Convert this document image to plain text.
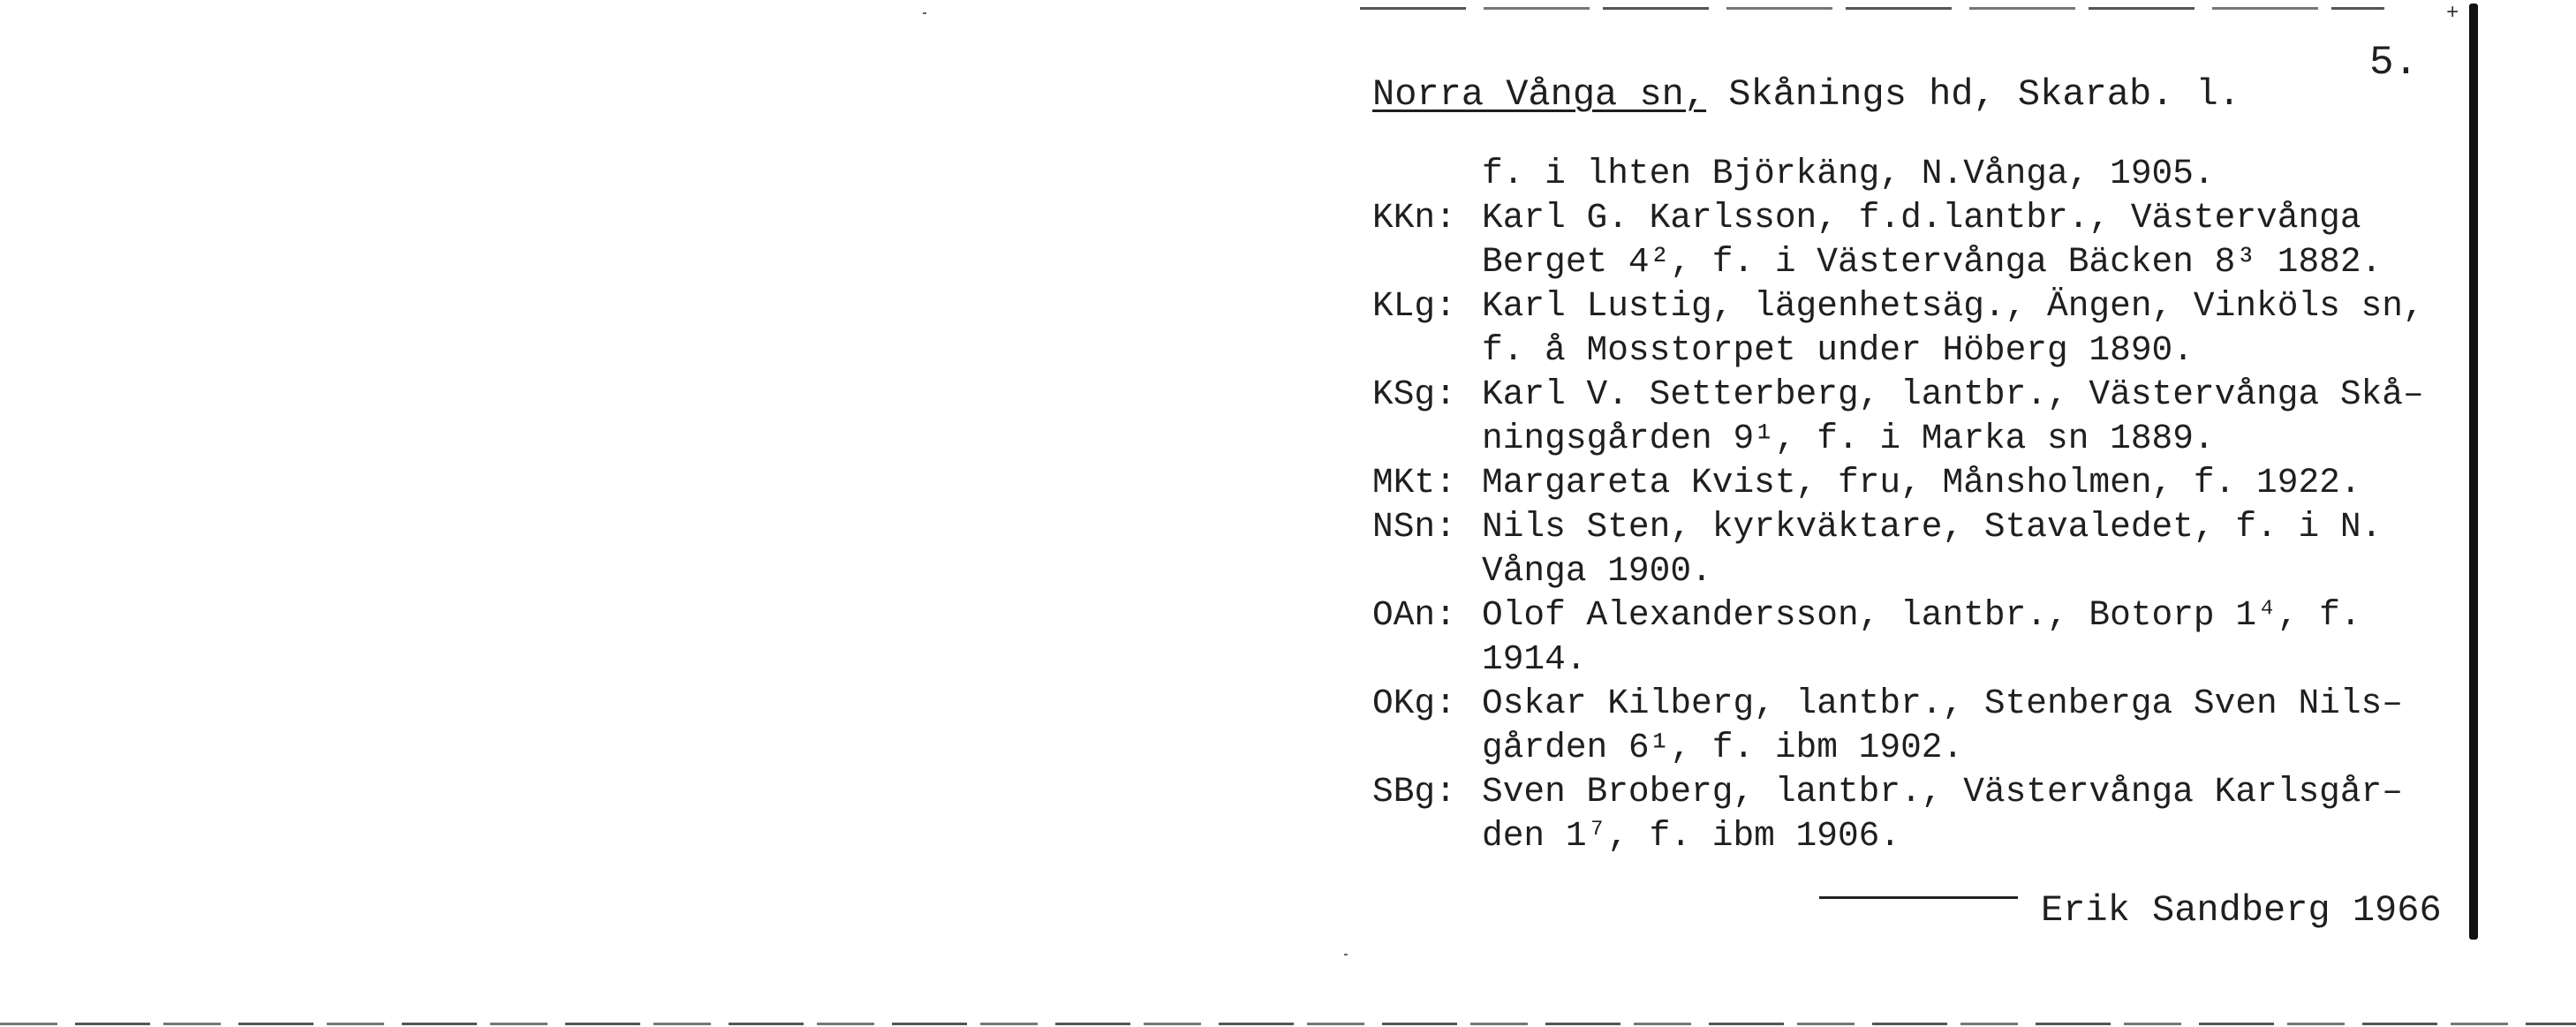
+
5.
Norra Vånga sn, Skånings hd, Skarab. l.
f. i lhten Björkäng, N.Vånga, 1905.
KKn: Karl G. Karlsson, f.d.lantbr., Västervånga
Berget 4², f. i Västervånga Bäcken 8³ 1882.
KLg: Karl Lustig, lägenhetsäg., Ängen, Vinköls sn,
f. å Mosstorpet under Höberg 1890.
KSg: Karl V. Setterberg, lantbr., Västervånga Skå–
ningsgården 9¹, f. i Marka sn 1889.
MKt: Margareta Kvist, fru, Månsholmen, f. 1922.
NSn: Nils Sten, kyrkväktare, Stavaledet, f. i N.
Vånga 1900.
OAn: Olof Alexandersson, lantbr., Botorp 1⁴, f.
1914.
OKg: Oskar Kilberg, lantbr., Stenberga Sven Nils–
gården 6¹, f. ibm 1902.
SBg: Sven Broberg, lantbr., Västervånga Karlsgår–
den 1⁷, f. ibm 1906.
Erik Sandberg 1966
